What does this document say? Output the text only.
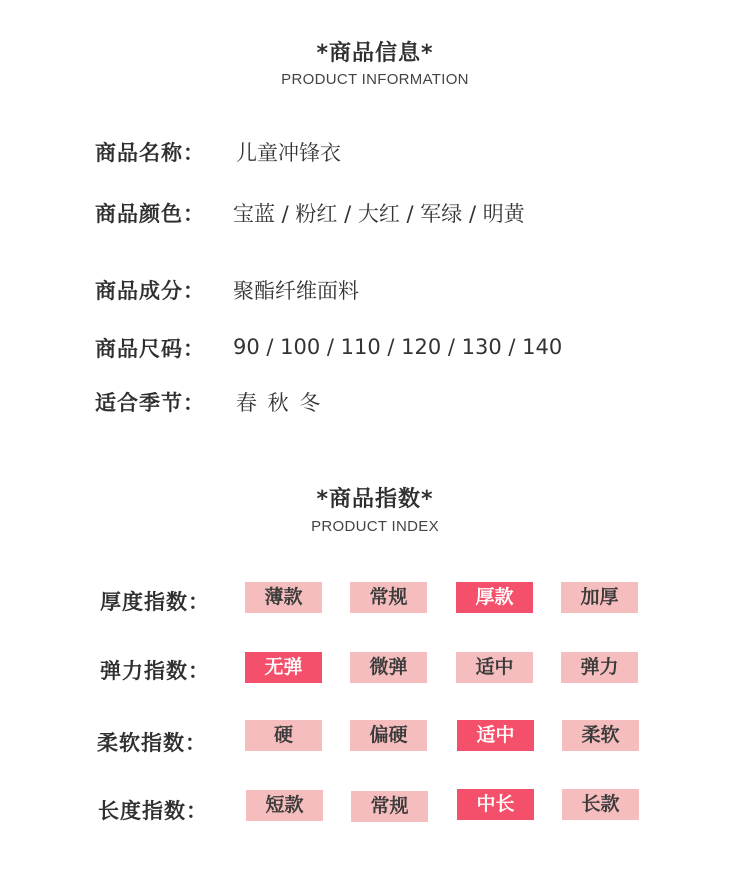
*商品信息*
PRODUCT INFORMATION
商品名称： 儿童冲锋衣
商品颜色： 宝蓝 / 粉红 / 大红 / 军绿 / 明黄
商品成分： 聚酯纤维面料
商品尺码： 90 / 100 / 110 / 120 / 130 / 140
适合季节： 春 秋 冬
*商品指数*
PRODUCT INDEX
厚度指数：	薄款	常规	厚款	加厚
弹力指数：	无弹	微弹	适中	弹力
柔软指数：	硬	偏硬	适中	柔软
长度指数：	短款	常规	中长	长款
